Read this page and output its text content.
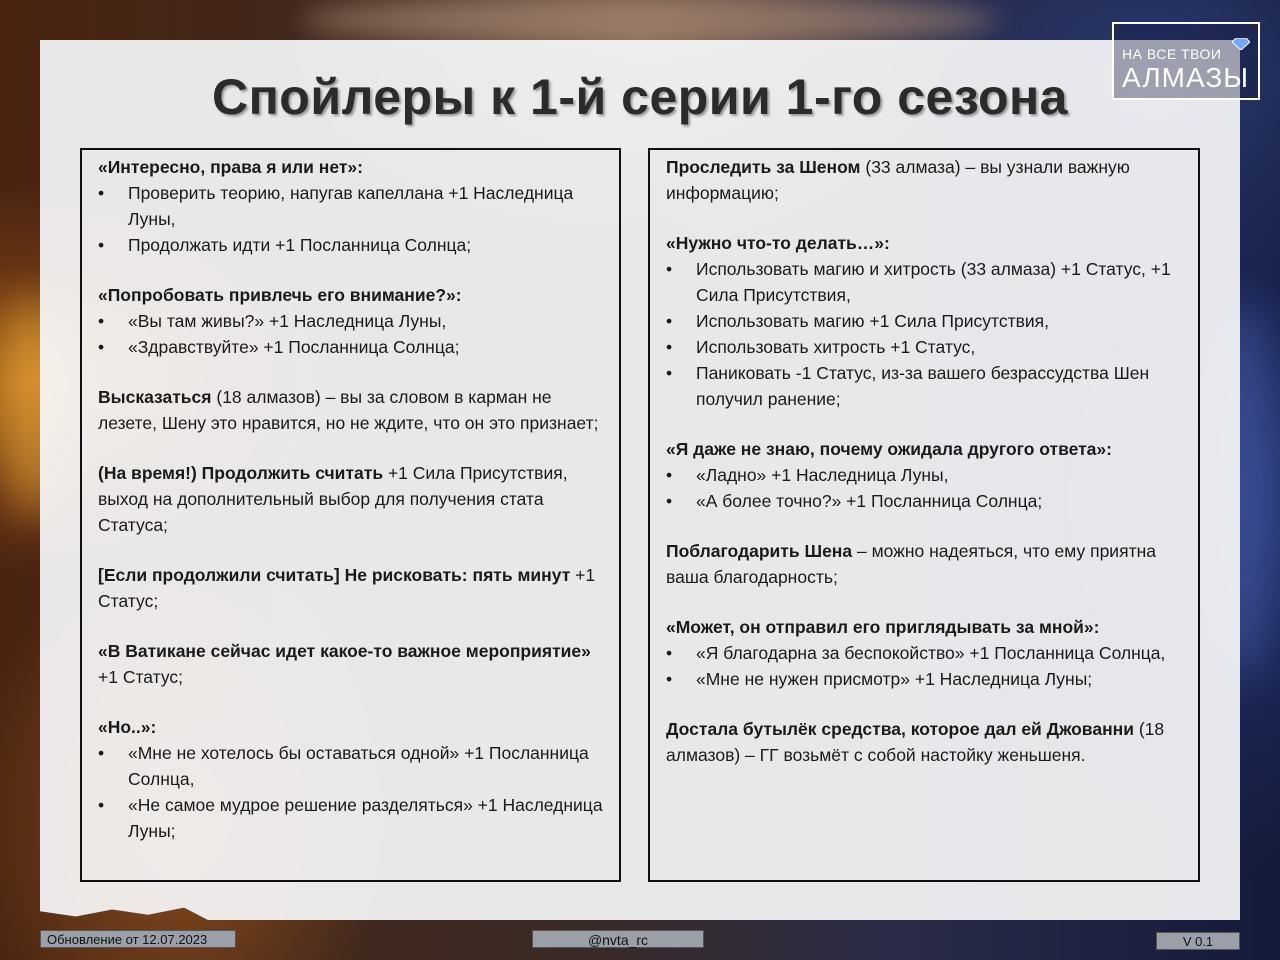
Спойлеры к 1-й серии 1-го сезона
НА ВСЕ ТВОИ
АЛМАЗЫ

«Интересно, права я или нет»:

• Проверить теорию, напугав капеллана +1 Наследница Луны,
• Продолжать идти +1 Посланница Солнца;

«Попробовать привлечь его внимание?»:

• «Вы там живы?» +1 Наследница Луны,
• «Здравствуйте» +1 Посланница Солнца;

Высказаться (18 алмазов) – вы за словом в карман не лезете, Шену это нравится, но не ждите, что он это признает;

(На время!) Продолжить считать +1 Сила Присутствия, выход на дополнительный выбор для получения стата Статуса;

[Если продолжили считать] Не рисковать: пять минут +1 Статус;

«В Ватикане сейчас идет какое-то важное мероприятие» +1 Статус;

«Но..»:

• «Мне не хотелось бы оставаться одной» +1 Посланница Солнца,
• «Не самое мудрое решение разделяться» +1 Наследница Луны;

Проследить за Шеном (33 алмаза) – вы узнали важную информацию;

«Нужно что-то делать…»:

• Использовать магию и хитрость (33 алмаза) +1 Статус, +1 Сила Присутствия,
• Использовать магию +1 Сила Присутствия,
• Использовать хитрость +1 Статус,
• Паниковать -1 Статус, из-за вашего безрассудства Шен получил ранение;

«Я даже не знаю, почему ожидала другого ответа»:

• «Ладно» +1 Наследница Луны,
• «А более точно?» +1 Посланница Солнца;

Поблагодарить Шена – можно надеяться, что ему приятна ваша благодарность;

«Может, он отправил его приглядывать за мной»:

• «Я благодарна за беспокойство» +1 Посланница Солнца,
• «Мне не нужен присмотр» +1 Наследница Луны;

Достала бутылёк средства, которое дал ей Джованни (18 алмазов) – ГГ возьмёт с собой настойку женьшеня.

Обновление от 12.07.2023	@nvta_rc	V 0.1
